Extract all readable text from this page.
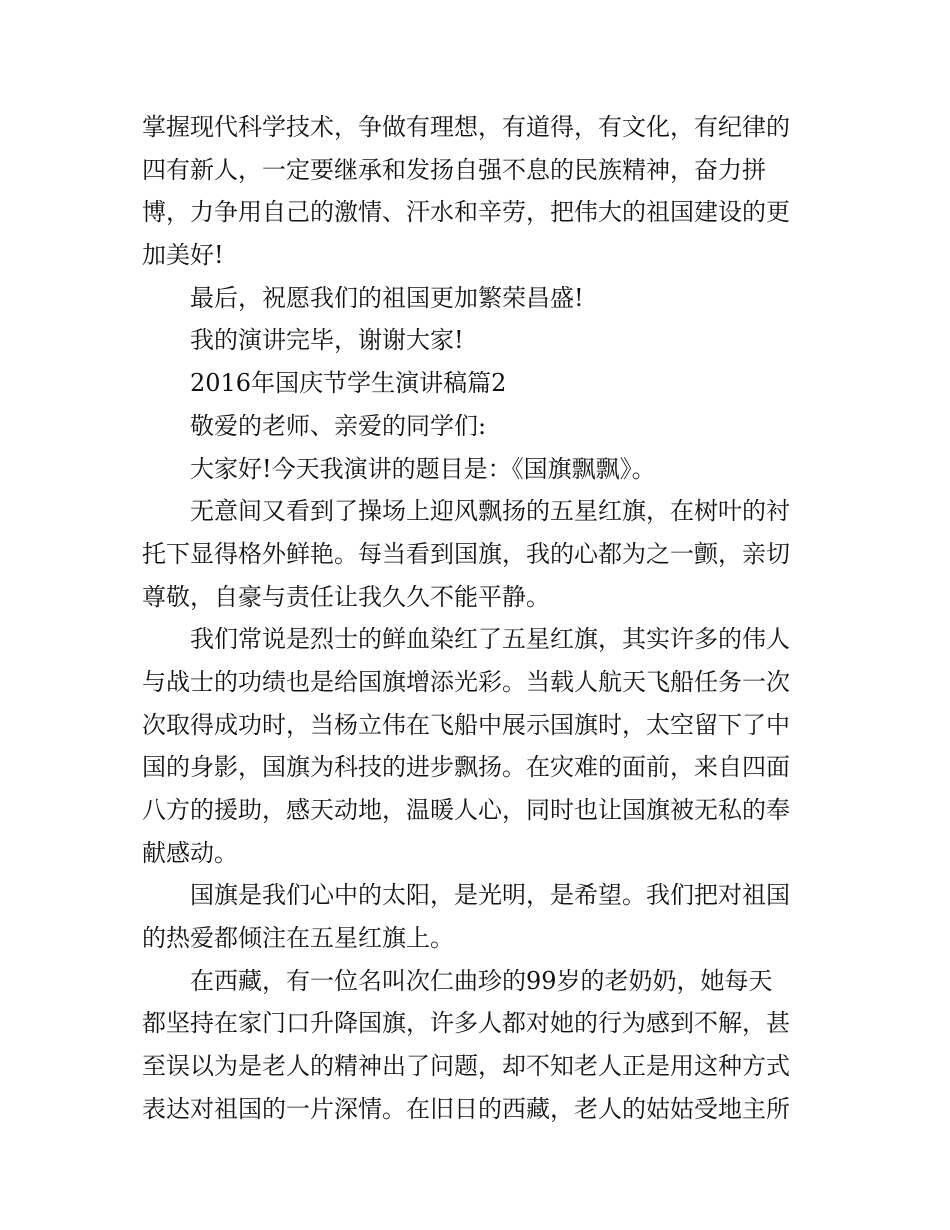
掌握现代科学技术，争做有理想，有道得，有文化，有纪律的
四有新人，一定要继承和发扬自强不息的民族精神，奋力拼
博，力争用自己的激情、汗水和辛劳，把伟大的祖国建设的更
加美好!
最后，祝愿我们的祖国更加繁荣昌盛!
我的演讲完毕，谢谢大家!
2016年国庆节学生演讲稿篇2
敬爱的老师、亲爱的同学们:
大家好!今天我演讲的题目是：《国旗飘飘》。
无意间又看到了操场上迎风飘扬的五星红旗，在树叶的衬
托下显得格外鲜艳。每当看到国旗，我的心都为之一颤，亲切
尊敬，自豪与责任让我久久不能平静。
我们常说是烈士的鲜血染红了五星红旗，其实许多的伟人
与战士的功绩也是给国旗增添光彩。当载人航天飞船任务一次
次取得成功时，当杨立伟在飞船中展示国旗时，太空留下了中
国的身影，国旗为科技的进步飘扬。在灾难的面前，来自四面
八方的援助，感天动地，温暖人心，同时也让国旗被无私的奉
献感动。
国旗是我们心中的太阳，是光明，是希望。我们把对祖国
的热爱都倾注在五星红旗上。
在西藏，有一位名叫次仁曲珍的99岁的老奶奶，她每天
都坚持在家门口升降国旗，许多人都对她的行为感到不解，甚
至误以为是老人的精神出了问题，却不知老人正是用这种方式
表达对祖国的一片深情。在旧日的西藏，老人的姑姑受地主所
